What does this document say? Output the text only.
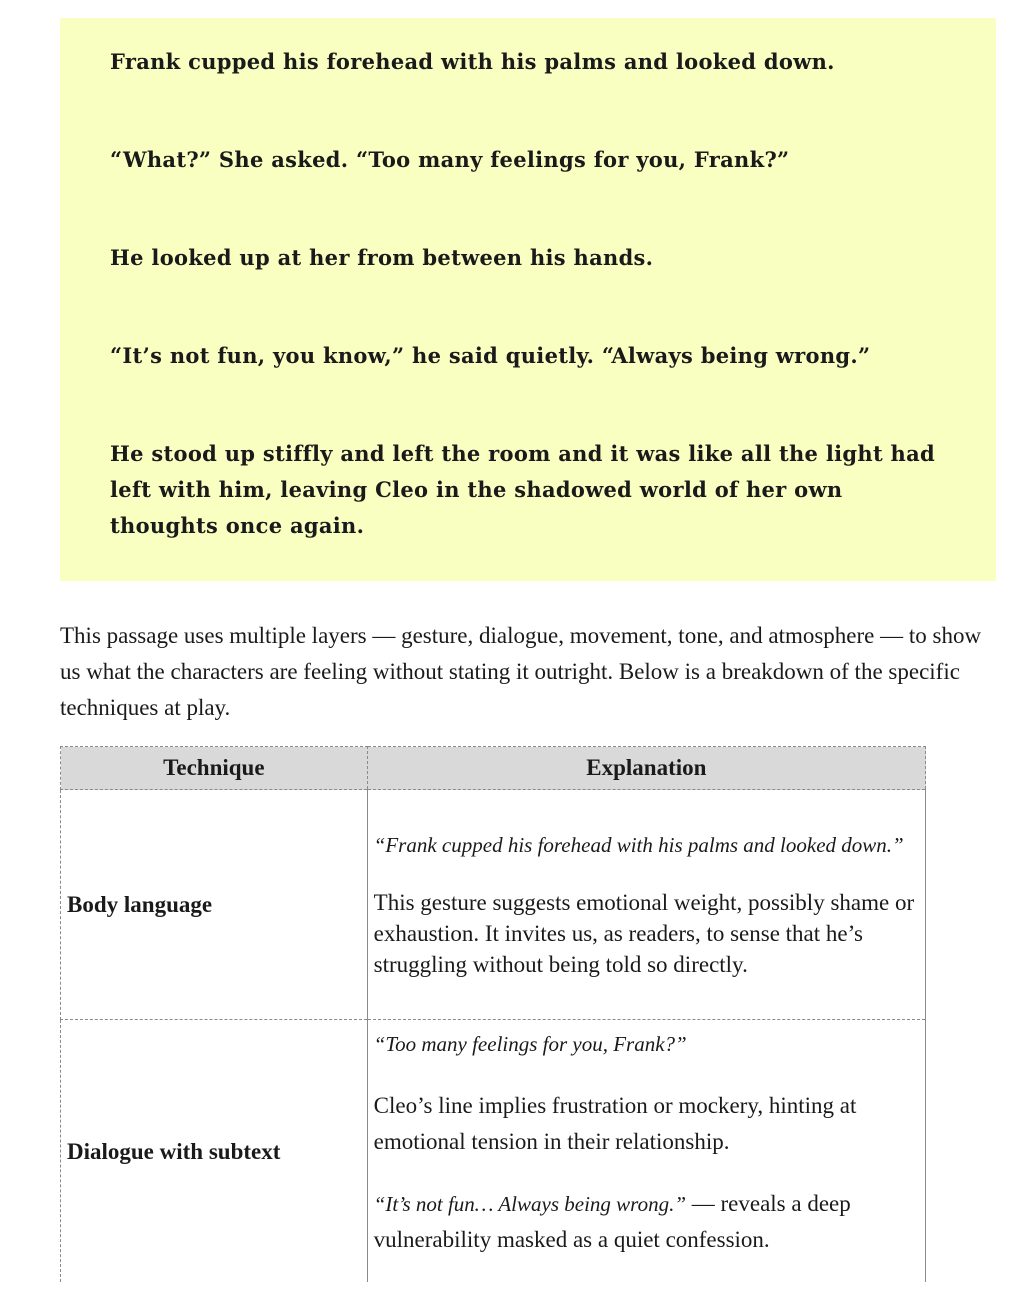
Frank cupped his forehead with his palms and looked down.

“What?” She asked. “Too many feelings for you, Frank?”

He looked up at her from between his hands.

“It’s not fun, you know,” he said quietly. “Always being wrong.”

He stood up stiffly and left the room and it was like all the light had left with him, leaving Cleo in the shadowed world of her own thoughts once again.

This passage uses multiple layers — gesture, dialogue, movement, tone, and atmosphere — to show us what the characters are feeling without stating it outright. Below is a breakdown of the specific techniques at play.

Technique	Explanation
Body language	“Frank cupped his forehead with his palms and looked down.”

This gesture suggests emotional weight, possibly shame or exhaustion. It invites us, as readers, to sense that he’s struggling without being told so directly.

Dialogue with subtext	“Too many feelings for you, Frank?”

Cleo’s line implies frustration or mockery, hinting at emotional tension in their relationship.

“It’s not fun… Always being wrong.” — reveals a deep vulnerability masked as a quiet confession.
